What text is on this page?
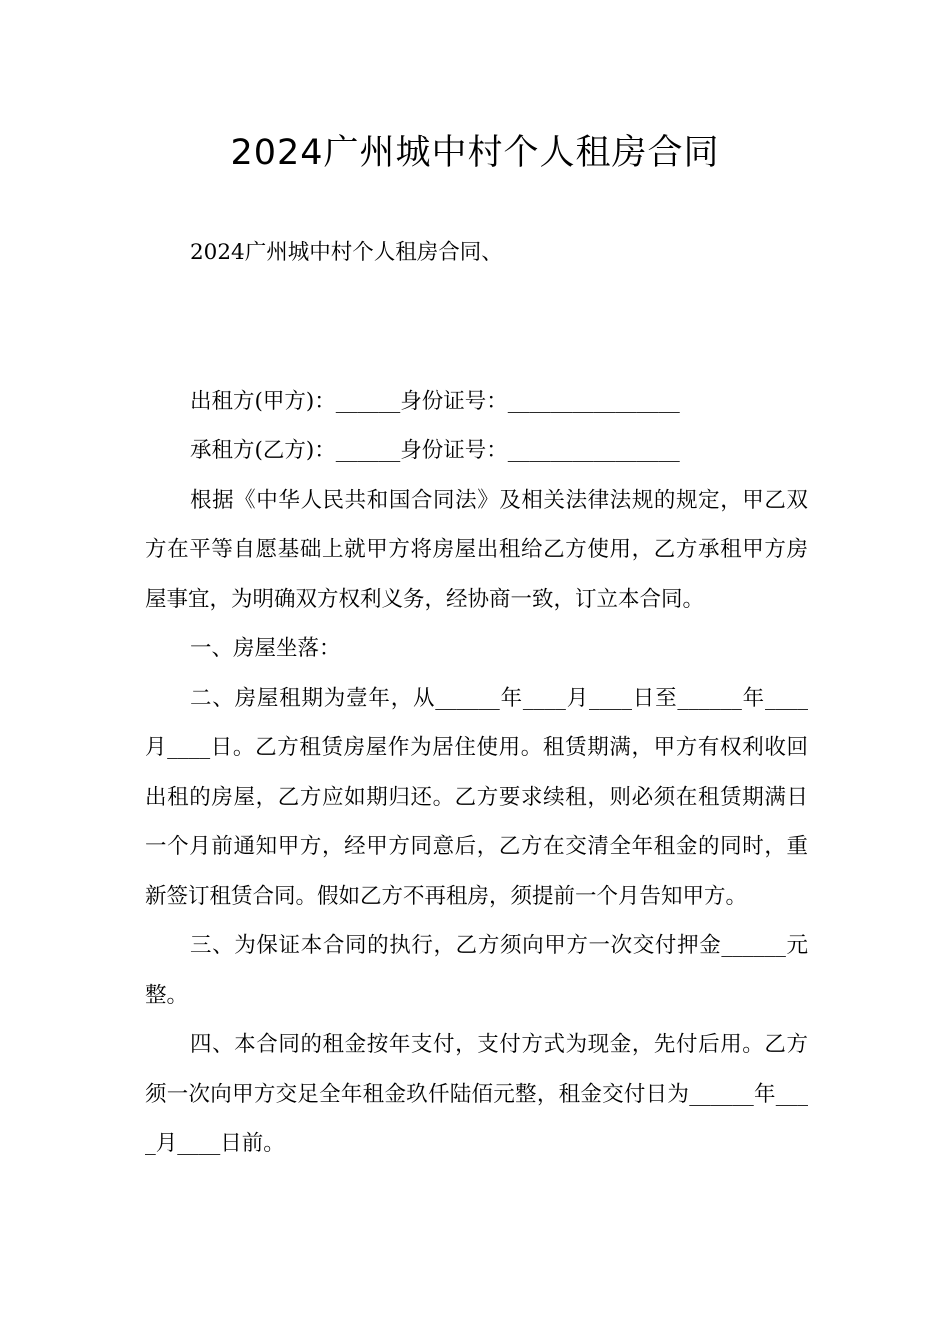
2024广州城中村个人租房合同

2024广州城中村个人租房合同、

出租方(甲方)：______身份证号：________________

承租方(乙方)：______身份证号：________________

根据《中华人民共和国合同法》及相关法律法规的规定，甲乙双方在平等自愿基础上就甲方将房屋出租给乙方使用，乙方承租甲方房屋事宜，为明确双方权利义务，经协商一致，订立本合同。

一、房屋坐落：

二、房屋租期为壹年，从______年____月____日至______年____月____日。乙方租赁房屋作为居住使用。租赁期满，甲方有权利收回出租的房屋，乙方应如期归还。乙方要求续租，则必须在租赁期满日一个月前通知甲方，经甲方同意后，乙方在交清全年租金的同时，重新签订租赁合同。假如乙方不再租房，须提前一个月告知甲方。

三、为保证本合同的执行，乙方须向甲方一次交付押金______元整。

四、本合同的租金按年支付，支付方式为现金，先付后用。乙方须一次向甲方交足全年租金玖仟陆佰元整，租金交付日为______年____月____日前。
